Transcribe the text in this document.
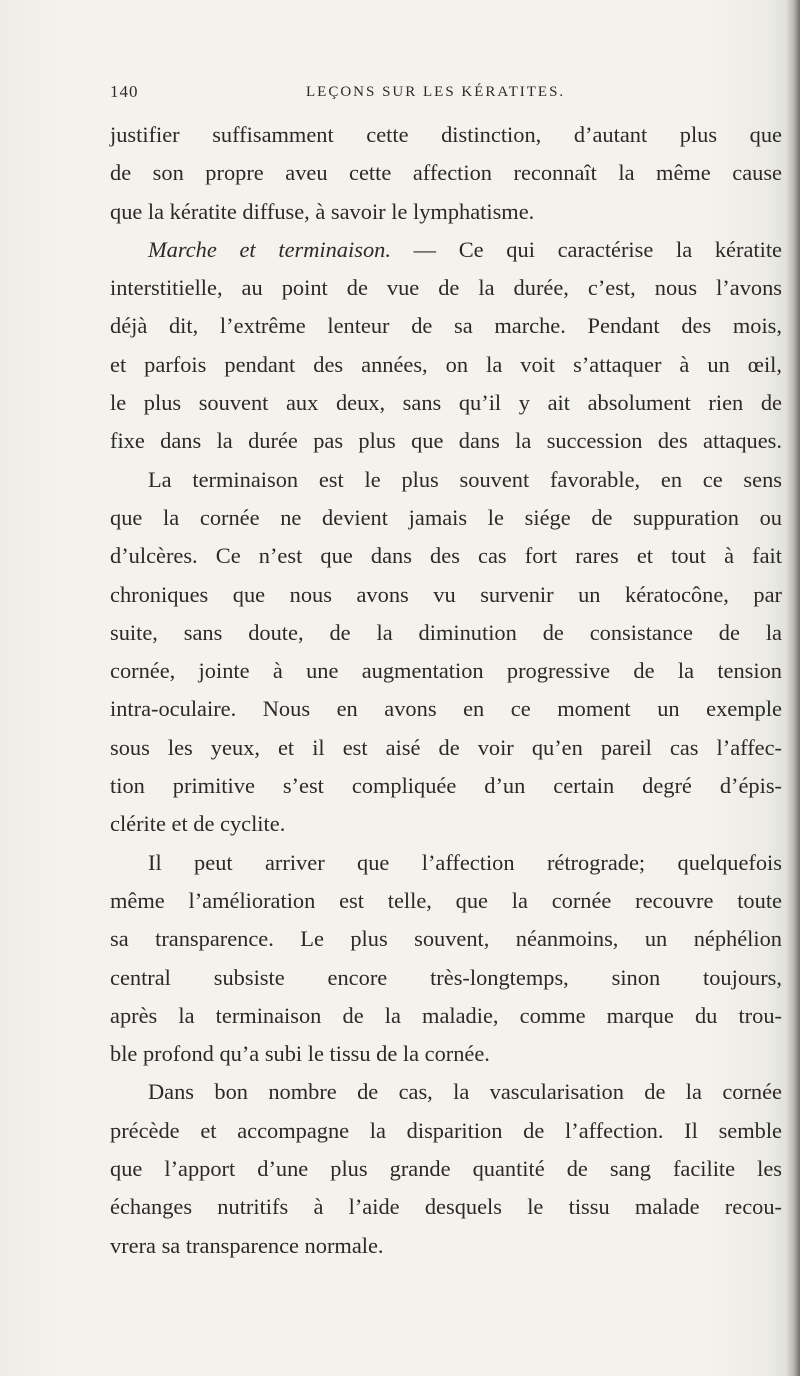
140	LEÇONS SUR LES KÉRATITES.
justifier suffisamment cette distinction, d’autant plus que
de son propre aveu cette affection reconnaît la même cause
que la kératite diffuse, à savoir le lymphatisme.
Marche et terminaison. — Ce qui caractérise la kératite
interstitielle, au point de vue de la durée, c’est, nous l’avons
déjà dit, l’extrême lenteur de sa marche. Pendant des mois,
et parfois pendant des années, on la voit s’attaquer à un œil,
le plus souvent aux deux, sans qu’il y ait absolument rien de
fixe dans la durée pas plus que dans la succession des attaques.
La terminaison est le plus souvent favorable, en ce sens
que la cornée ne devient jamais le siége de suppuration ou
d’ulcères. Ce n’est que dans des cas fort rares et tout à fait
chroniques que nous avons vu survenir un kératocône, par
suite, sans doute, de la diminution de consistance de la
cornée, jointe à une augmentation progressive de la tension
intra-oculaire. Nous en avons en ce moment un exemple
sous les yeux, et il est aisé de voir qu’en pareil cas l’affec-
tion primitive s’est compliquée d’un certain degré d’épis-
clérite et de cyclite.
Il peut arriver que l’affection rétrograde; quelquefois
même l’amélioration est telle, que la cornée recouvre toute
sa transparence. Le plus souvent, néanmoins, un néphélion
central subsiste encore très-longtemps, sinon toujours,
après la terminaison de la maladie, comme marque du trou-
ble profond qu’a subi le tissu de la cornée.
Dans bon nombre de cas, la vascularisation de la cornée
précède et accompagne la disparition de l’affection. Il semble
que l’apport d’une plus grande quantité de sang facilite les
échanges nutritifs à l’aide desquels le tissu malade recou-
vrera sa transparence normale.
